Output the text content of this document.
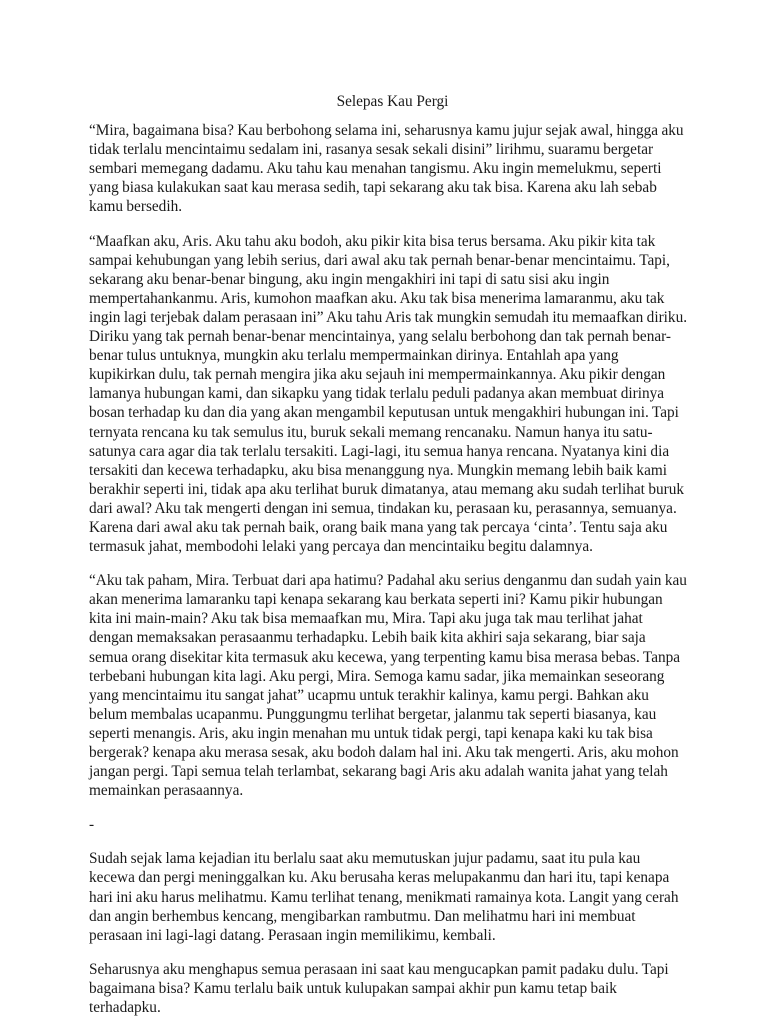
Selepas Kau Pergi

“Mira, bagaimana bisa? Kau berbohong selama ini, seharusnya kamu jujur sejak awal, hingga aku tidak terlalu mencintaimu sedalam ini, rasanya sesak sekali disini” lirihmu, suaramu bergetar sembari memegang dadamu. Aku tahu kau menahan tangismu. Aku ingin memelukmu, seperti yang biasa kulakukan saat kau merasa sedih, tapi sekarang aku tak bisa. Karena aku lah sebab kamu bersedih.

“Maafkan aku, Aris. Aku tahu aku bodoh, aku pikir kita bisa terus bersama. Aku pikir kita tak sampai kehubungan yang lebih serius, dari awal aku tak pernah benar-benar mencintaimu. Tapi, sekarang aku benar-benar bingung, aku ingin mengakhiri ini tapi di satu sisi aku ingin mempertahankanmu. Aris, kumohon maafkan aku. Aku tak bisa menerima lamaranmu, aku tak ingin lagi terjebak dalam perasaan ini” Aku tahu Aris tak mungkin semudah itu memaafkan diriku. Diriku yang tak pernah benar-benar mencintainya, yang selalu berbohong dan tak pernah benar-benar tulus untuknya, mungkin aku terlalu mempermainkan dirinya. Entahlah apa yang kupikirkan dulu, tak pernah mengira jika aku sejauh ini mempermainkannya. Aku pikir dengan lamanya hubungan kami, dan sikapku yang tidak terlalu peduli padanya akan membuat dirinya bosan terhadap ku dan dia yang akan mengambil keputusan untuk mengakhiri hubungan ini. Tapi ternyata rencana ku tak semulus itu, buruk sekali memang rencanaku. Namun hanya itu satu-satunya cara agar dia tak terlalu tersakiti. Lagi-lagi, itu semua hanya rencana. Nyatanya kini dia tersakiti dan kecewa terhadapku, aku bisa menanggung nya. Mungkin memang lebih baik kami berakhir seperti ini, tidak apa aku terlihat buruk dimatanya, atau memang aku sudah terlihat buruk dari awal? Aku tak mengerti dengan ini semua, tindakan ku, perasaan ku, perasannya, semuanya. Karena dari awal aku tak pernah baik, orang baik mana yang tak percaya ‘cinta’. Tentu saja aku termasuk jahat, membodohi lelaki yang percaya dan mencintaiku begitu dalamnya.

“Aku tak paham, Mira. Terbuat dari apa hatimu? Padahal aku serius denganmu dan sudah yain kau akan menerima lamaranku tapi kenapa sekarang kau berkata seperti ini? Kamu pikir hubungan kita ini main-main? Aku tak bisa memaafkan mu, Mira. Tapi aku juga tak mau terlihat jahat dengan memaksakan perasaanmu terhadapku. Lebih baik kita akhiri saja sekarang, biar saja semua orang disekitar kita termasuk aku kecewa, yang terpenting kamu bisa merasa bebas. Tanpa terbebani hubungan kita lagi. Aku pergi, Mira. Semoga kamu sadar, jika memainkan seseorang yang mencintaimu itu sangat jahat” ucapmu untuk terakhir kalinya, kamu pergi. Bahkan aku belum membalas ucapanmu. Punggungmu terlihat bergetar, jalanmu tak seperti biasanya, kau seperti menangis. Aris, aku ingin menahan mu untuk tidak pergi, tapi kenapa kaki ku tak bisa bergerak? kenapa aku merasa sesak, aku bodoh dalam hal ini. Aku tak mengerti. Aris, aku mohon jangan pergi. Tapi semua telah terlambat, sekarang bagi Aris aku adalah wanita jahat yang telah memainkan perasaannya.

-

Sudah sejak lama kejadian itu berlalu saat aku memutuskan jujur padamu, saat itu pula kau kecewa dan pergi meninggalkan ku. Aku berusaha keras melupakanmu dan hari itu, tapi kenapa hari ini aku harus melihatmu. Kamu terlihat tenang, menikmati ramainya kota. Langit yang cerah dan angin berhembus kencang, mengibarkan rambutmu. Dan melihatmu hari ini membuat perasaan ini lagi-lagi datang. Perasaan ingin memilikimu, kembali.

Seharusnya aku menghapus semua perasaan ini saat kau mengucapkan pamit padaku dulu. Tapi bagaimana bisa? Kamu terlalu baik untuk kulupakan sampai akhir pun kamu tetap baik terhadapku.
